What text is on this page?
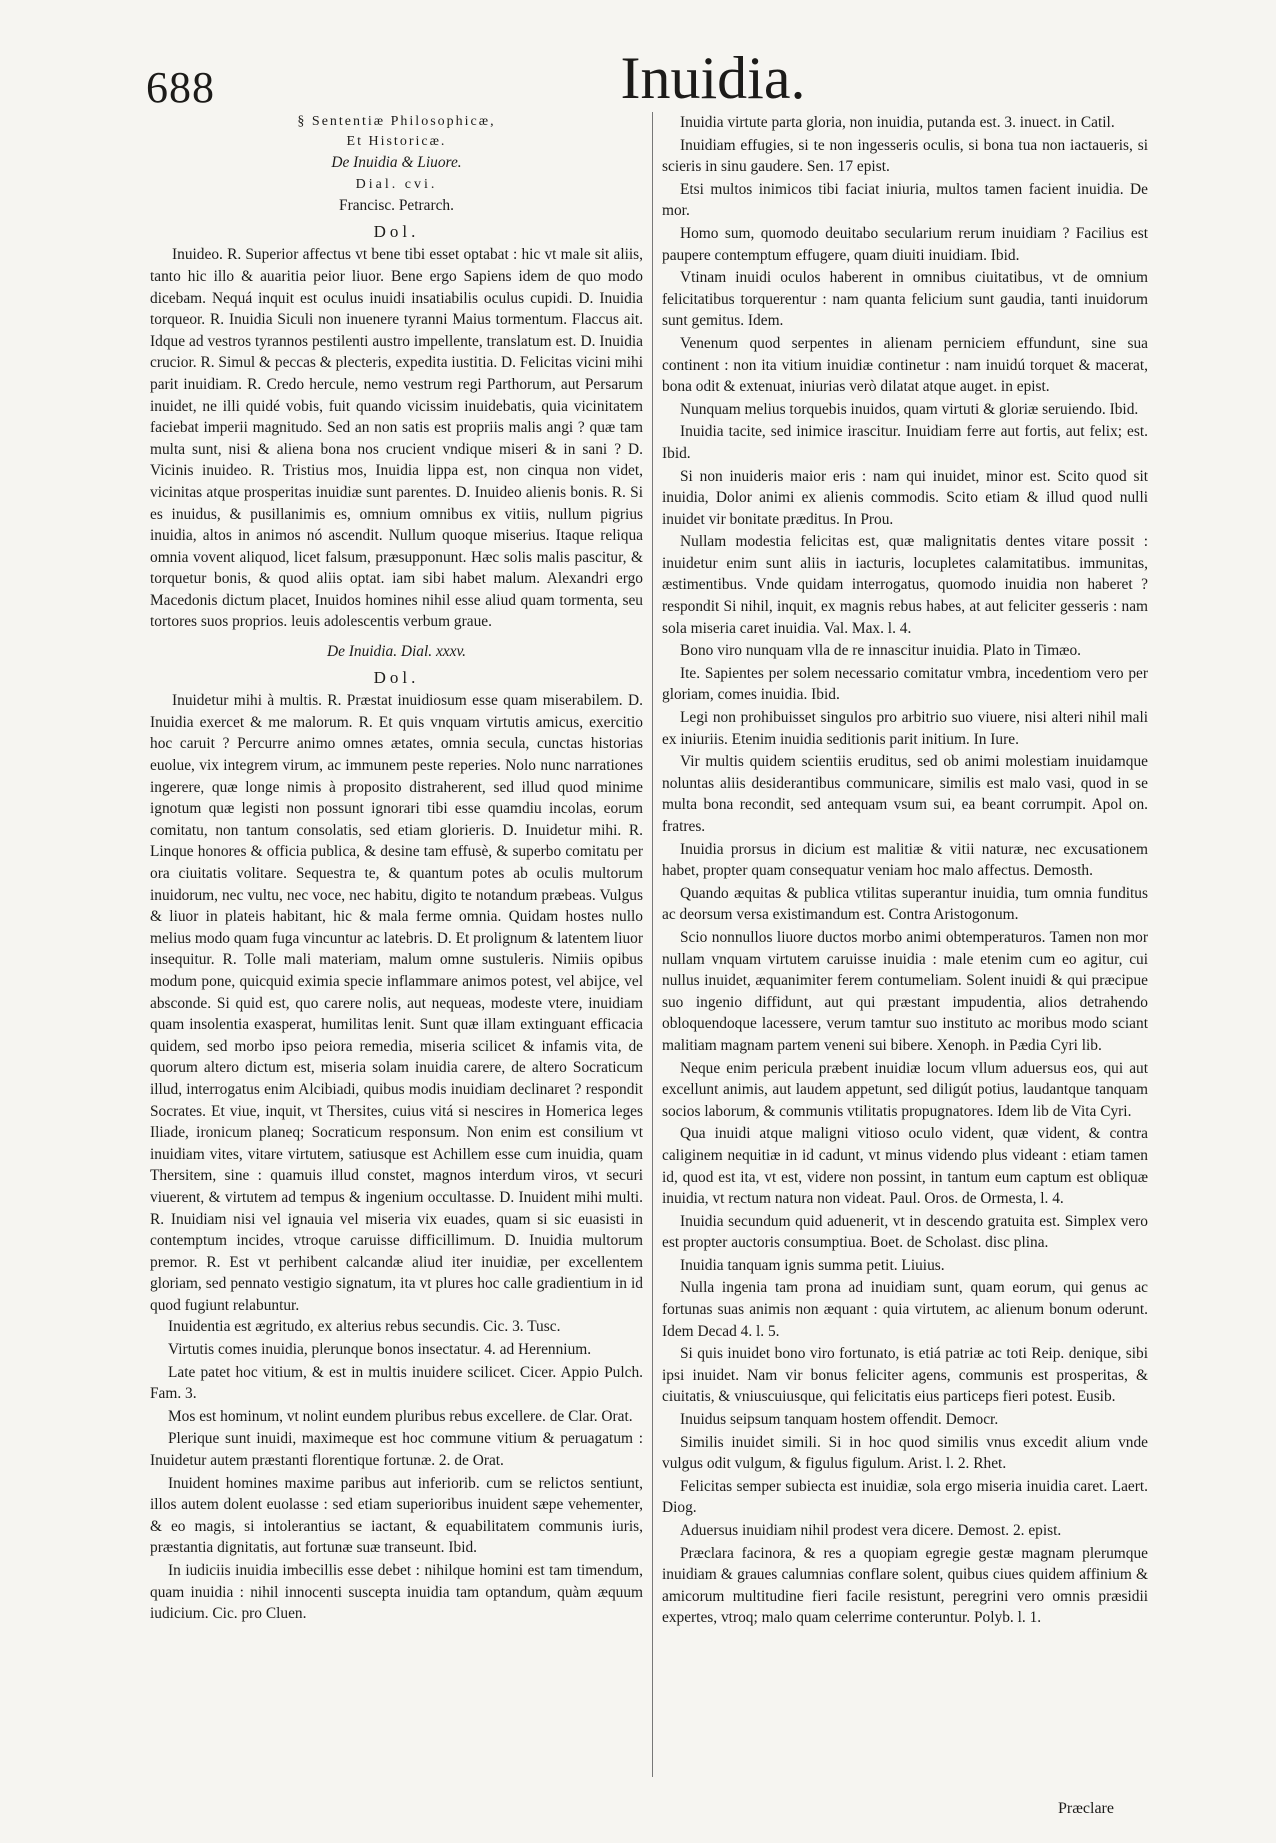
688	Inuidia.

§ Sententiæ Philosophicæ,

Et Historicæ.

De Inuidia & Liuore.

Dial. cvi.

Francisc. Petrarch.

Dol.

Inuideo. R. Superior affectus vt bene tibi esset optabat : hic vt male sit aliis, tanto hic illo & auaritia peior liuor. Bene ergo Sapiens idem de quo modo dicebam. Nequá inquit est oculus inuidi insatiabilis oculus cupidi. D. Inuidia torqueor. R. Inuidia Siculi non inuenere tyranni Maius tormentum. Flaccus ait. Idque ad vestros tyrannos pestilenti austro impellente, translatum est. D. Inuidia crucior. R. Simul & peccas & plecteris, expedita iustitia. D. Felicitas vicini mihi parit inuidiam. R. Credo hercule, nemo vestrum regi Parthorum, aut Persarum inuidet, ne illi quidé vobis, fuit quando vicissim inuidebatis, quia vicinitatem faciebat imperii magnitudo. Sed an non satis est propriis malis angi ? quæ tam multa sunt, nisi & aliena bona nos crucient vndique miseri & in sani ? D. Vicinis inuideo. R. Tristius mos, Inuidia lippa est, non cinqua non videt, vicinitas atque prosperitas inuidiæ sunt parentes. D. Inuideo alienis bonis. R. Si es inuidus, & pusillanimis es, omnium omnibus ex vitiis, nullum pigrius inuidia, altos in animos nó ascendit. Nullum quoque miserius. Itaque reliqua omnia vovent aliquod, licet falsum, præsupponunt. Hæc solis malis pascitur, & torquetur bonis, & quod aliis optat. iam sibi habet malum. Alexandri ergo Macedonis dictum placet, Inuidos homines nihil esse aliud quam tormenta, seu tortores suos proprios. leuis adolescentis verbum graue.

De Inuidia. Dial. xxxv.

Dol.

Inuidetur mihi à multis. R. Præstat inuidiosum esse quam miserabilem. D. Inuidia exercet & me malorum. R. Et quis vnquam virtutis amicus, exercitio hoc caruit ? Percurre animo omnes ætates, omnia secula, cunctas historias euolue, vix integrem virum, ac immunem peste reperies. Nolo nunc narrationes ingerere, quæ longe nimis à proposito distraherent, sed illud quod minime ignotum quæ legisti non possunt ignorari tibi esse quamdiu incolas, eorum comitatu, non tantum consolatis, sed etiam glorieris. D. Inuidetur mihi. R. Linque honores & officia publica, & desine tam effusè, & superbo comitatu per ora ciuitatis volitare. Sequestra te, & quantum potes ab oculis multorum inuidorum, nec vultu, nec voce, nec habitu, digito te notandum præbeas. Vulgus & liuor in plateis habitant, hic & mala ferme omnia. Quidam hostes nullo melius modo quam fuga vincuntur ac latebris. D. Et prolignum & latentem liuor insequitur. R. Tolle mali materiam, malum omne sustuleris. Nimiis opibus modum pone, quicquid eximia specie inflammare animos potest, vel abijce, vel absconde. Si quid est, quo carere nolis, aut nequeas, modeste vtere, inuidiam quam insolentia exasperat, humilitas lenit. Sunt quæ illam extinguant efficacia quidem, sed morbo ipso peiora remedia, miseria scilicet & infamis vita, de quorum altero dictum est, miseria solam inuidia carere, de altero Socraticum illud, interrogatus enim Alcibiadi, quibus modis inuidiam declinaret ? respondit Socrates. Et viue, inquit, vt Thersites, cuius vitá si nescires in Homerica leges Iliade, ironicum planeq; Socraticum responsum. Non enim est consilium vt inuidiam vites, vitare virtutem, satiusque est Achillem esse cum inuidia, quam Thersitem, sine : quamuis illud constet, magnos interdum viros, vt securi viuerent, & virtutem ad tempus & ingenium occultasse. D. Inuident mihi multi. R. Inuidiam nisi vel ignauia vel miseria vix euades, quam si sic euasisti in contemptum incides, vtroque caruisse difficillimum. D. Inuidia multorum premor. R. Est vt perhibent calcandæ aliud iter inuidiæ, per excellentem gloriam, sed pennato vestigio signatum, ita vt plures hoc calle gradientium in id quod fugiunt relabuntur.

Inuidentia est ægritudo, ex alterius rebus secundis. Cic. 3. Tusc.

Virtutis comes inuidia, plerunque bonos insectatur. 4. ad Herennium.

Late patet hoc vitium, & est in multis inuidere scilicet. Cicer. Appio Pulch. Fam. 3.

Mos est hominum, vt nolint eundem pluribus rebus excellere. de Clar. Orat.

Plerique sunt inuidi, maximeque est hoc commune vitium & peruagatum : Inuidetur autem præstanti florentique fortunæ. 2. de Orat.

Inuident homines maxime paribus aut inferiorib. cum se relictos sentiunt, illos autem dolent euolasse : sed etiam superioribus inuident sæpe vehementer, & eo magis, si intolerantius se iactant, & equabilitatem communis iuris, præstantia dignitatis, aut fortunæ suæ transeunt. Ibid.

In iudiciis inuidia imbecillis esse debet : nihilque homini est tam timendum, quam inuidia : nihil innocenti suscepta inuidia tam optandum, quàm æquum iudicium. Cic. pro Cluen.

Inuidia virtute parta gloria, non inuidia, putanda est. 3. inuect. in Catil.

Inuidiam effugies, si te non ingesseris oculis, si bona tua non iactaueris, si scieris in sinu gaudere. Sen. 17 epist.

Etsi multos inimicos tibi faciat iniuria, multos tamen facient inuidia. De mor.

Homo sum, quomodo deuitabo secularium rerum inuidiam ? Facilius est paupere contemptum effugere, quam diuiti inuidiam. Ibid.

Vtinam inuidi oculos haberent in omnibus ciuitatibus, vt de omnium felicitatibus torquerentur : nam quanta felicium sunt gaudia, tanti inuidorum sunt gemitus. Idem.

Venenum quod serpentes in alienam perniciem effundunt, sine sua continent : non ita vitium inuidiæ continetur : nam inuidú torquet & macerat, bona odit & extenuat, iniurias verò dilatat atque auget. in epist.

Nunquam melius torquebis inuidos, quam virtuti & gloriæ seruiendo. Ibid.

Inuidia tacite, sed inimice irascitur. Inuidiam ferre aut fortis, aut felix; est. Ibid.

Si non inuideris maior eris : nam qui inuidet, minor est. Scito quod sit inuidia, Dolor animi ex alienis commodis. Scito etiam & illud quod nulli inuidet vir bonitate præditus. In Prou.

Nullam modestia felicitas est, quæ malignitatis dentes vitare possit : inuidetur enim sunt aliis in iacturis, locupletes calamitatibus. immunitas, æstimentibus. Vnde quidam interrogatus, quomodo inuidia non haberet ? respondit Si nihil, inquit, ex magnis rebus habes, at aut feliciter gesseris : nam sola miseria caret inuidia. Val. Max. l. 4.

Bono viro nunquam vlla de re innascitur inuidia. Plato in Timæo.

Ite. Sapientes per solem necessario comitatur vmbra, incedentiom vero per gloriam, comes inuidia. Ibid.

Legi non prohibuisset singulos pro arbitrio suo viuere, nisi alteri nihil mali ex iniuriis. Etenim inuidia seditionis parit initium. In Iure.

Vir multis quidem scientiis eruditus, sed ob animi molestiam inuidamque noluntas aliis desiderantibus communicare, similis est malo vasi, quod in se multa bona recondit, sed antequam vsum sui, ea beant corrumpit. Apol on. fratres.

Inuidia prorsus in dicium est malitiæ & vitii naturæ, nec excusationem habet, propter quam consequatur veniam hoc malo affectus. Demosth.

Quando æquitas & publica vtilitas superantur inuidia, tum omnia funditus ac deorsum versa existimandum est. Contra Aristogonum.

Scio nonnullos liuore ductos morbo animi obtemperaturos. Tamen non mor nullam vnquam virtutem caruisse inuidia : male etenim cum eo agitur, cui nullus inuidet, æquanimiter ferem contumeliam. Solent inuidi & qui præcipue suo ingenio diffidunt, aut qui præstant impudentia, alios detrahendo obloquendoque lacessere, verum tamtur suo instituto ac moribus modo sciant malitiam magnam partem veneni sui bibere. Xenoph. in Pædia Cyri lib.

Neque enim pericula præbent inuidiæ locum vllum aduersus eos, qui aut excellunt animis, aut laudem appetunt, sed diligút potius, laudantque tanquam socios laborum, & communis vtilitatis propugnatores. Idem lib de Vita Cyri.

Qua inuidi atque maligni vitioso oculo vident, quæ vident, & contra caliginem nequitiæ in id cadunt, vt minus videndo plus videant : etiam tamen id, quod est ita, vt est, videre non possint, in tantum eum captum est obliquæ inuidia, vt rectum natura non videat. Paul. Oros. de Ormesta, l. 4.

Inuidia secundum quid aduenerit, vt in descendo gratuita est. Simplex vero est propter auctoris consumptiua. Boet. de Scholast. disc plina.

Inuidia tanquam ignis summa petit. Liuius.

Nulla ingenia tam prona ad inuidiam sunt, quam eorum, qui genus ac fortunas suas animis non æquant : quia virtutem, ac alienum bonum oderunt. Idem Decad 4. l. 5.

Si quis inuidet bono viro fortunato, is etiá patriæ ac toti Reip. denique, sibi ipsi inuidet. Nam vir bonus feliciter agens, communis est prosperitas, & ciuitatis, & vniuscuiusque, qui felicitatis eius particeps fieri potest. Eusib.

Inuidus seipsum tanquam hostem offendit. Democr.

Similis inuidet simili. Si in hoc quod similis vnus excedit alium vnde vulgus odit vulgum, & figulus figulum. Arist. l. 2. Rhet.

Felicitas semper subiecta est inuidiæ, sola ergo miseria inuidia caret. Laert. Diog.

Aduersus inuidiam nihil prodest vera dicere. Demost. 2. epist.

Præclara facinora, & res a quopiam egregie gestæ magnam plerumque inuidiam & graues calumnias conflare solent, quibus ciues quidem affinium & amicorum multitudine fieri facile resistunt, peregrini vero omnis præsidii expertes, vtroq; malo quam celerrime conteruntur. Polyb. l. 1.

Præclare
